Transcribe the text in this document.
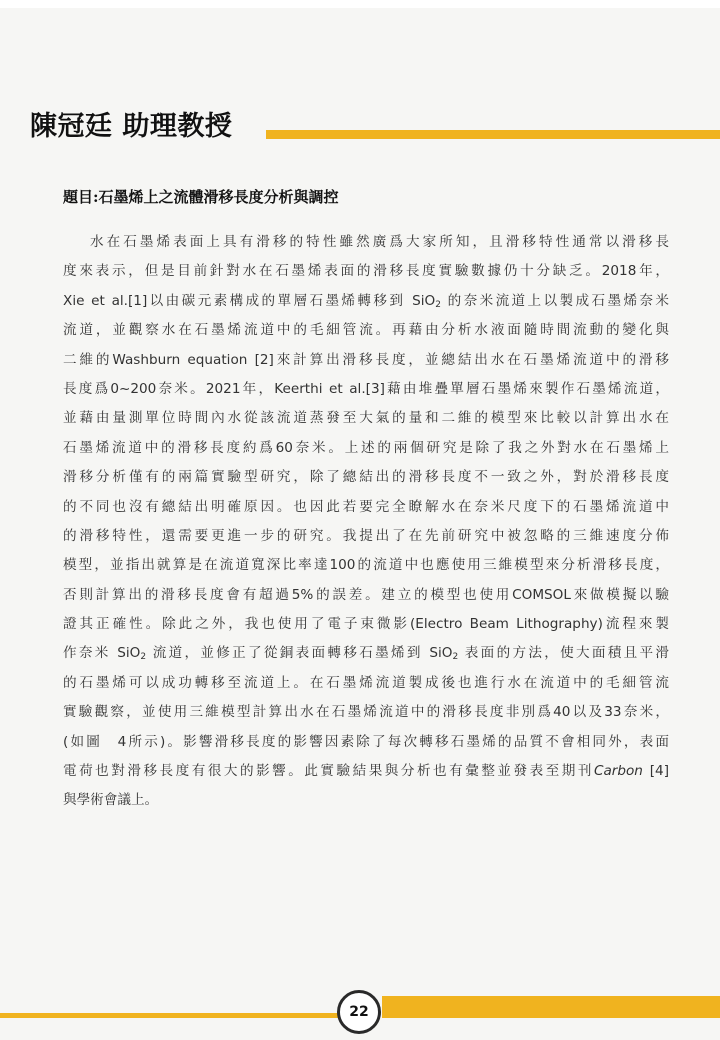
陳冠廷 助理教授
題目:石墨烯上之流體滑移長度分析與調控
水在石墨烯表面上具有滑移的特性雖然廣爲大家所知，且滑移特性通常以滑移長
度來表示，但是目前針對水在石墨烯表面的滑移長度實驗數據仍十分缺乏。2018年，
Xie et al.[1]以由碳元素構成的單層石墨烯轉移到 SiO$_2$ 的奈米流道上以製成石墨烯奈米
流道，並觀察水在石墨烯流道中的毛細管流。再藉由分析水液面隨時間流動的變化與
二維的Washburn equation [2]來計算出滑移長度，並總結出水在石墨烯流道中的滑移
長度爲0~200奈米。2021年，Keerthi et al.[3]藉由堆疊單層石墨烯來製作石墨烯流道，
並藉由量測單位時間內水從該流道蒸發至大氣的量和二維的模型來比較以計算出水在
石墨烯流道中的滑移長度約爲60奈米。上述的兩個研究是除了我之外對水在石墨烯上
滑移分析僅有的兩篇實驗型研究，除了總結出的滑移長度不一致之外，對於滑移長度
的不同也沒有總結出明確原因。也因此若要完全瞭解水在奈米尺度下的石墨烯流道中
的滑移特性，還需要更進一步的研究。我提出了在先前研究中被忽略的三維速度分佈
模型，並指出就算是在流道寬深比率達100的流道中也應使用三維模型來分析滑移長度，
否則計算出的滑移長度會有超過5%的誤差。建立的模型也使用COMSOL來做模擬以驗
證其正確性。除此之外，我也使用了電子束微影(Electro Beam Lithography)流程來製
作奈米 SiO$_2$ 流道，並修正了從銅表面轉移石墨烯到 SiO$_2$ 表面的方法，使大面積且平滑
的石墨烯可以成功轉移至流道上。在石墨烯流道製成後也進行水在流道中的毛細管流
實驗觀察，並使用三維模型計算出水在石墨烯流道中的滑移長度非別爲40以及33奈米，
(如圖　4所示)。影響滑移長度的影響因素除了每次轉移石墨烯的品質不會相同外，表面
電荷也對滑移長度有很大的影響。此實驗結果與分析也有彙整並發表至期刊Carbon [4]
與學術會議上。
22
